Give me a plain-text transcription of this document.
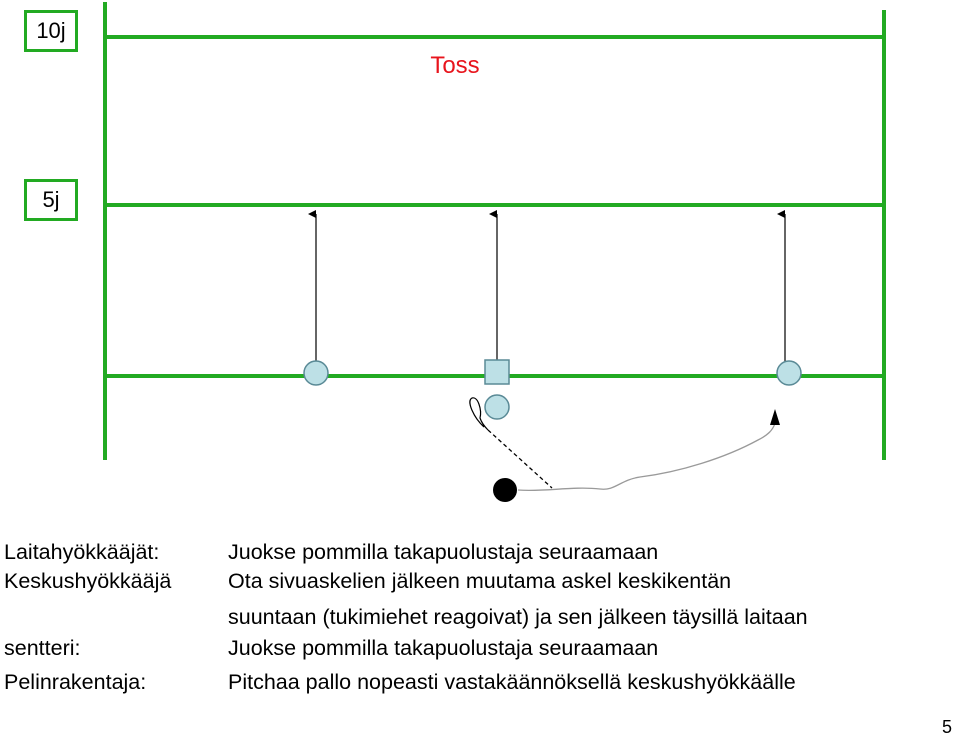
10j
5j
Toss
Laitahyökkääjät:	Juokse pommilla takapuolustaja seuraamaan
Keskushyökkääjä	Ota sivuaskelien jälkeen muutama askel keskikentän
suuntaan (tukimiehet reagoivat) ja sen jälkeen täysillä laitaan
sentteri:	Juokse pommilla takapuolustaja seuraamaan
Pelinrakentaja:	Pitchaa pallo nopeasti vastakäännöksellä keskushyökkäälle
5
